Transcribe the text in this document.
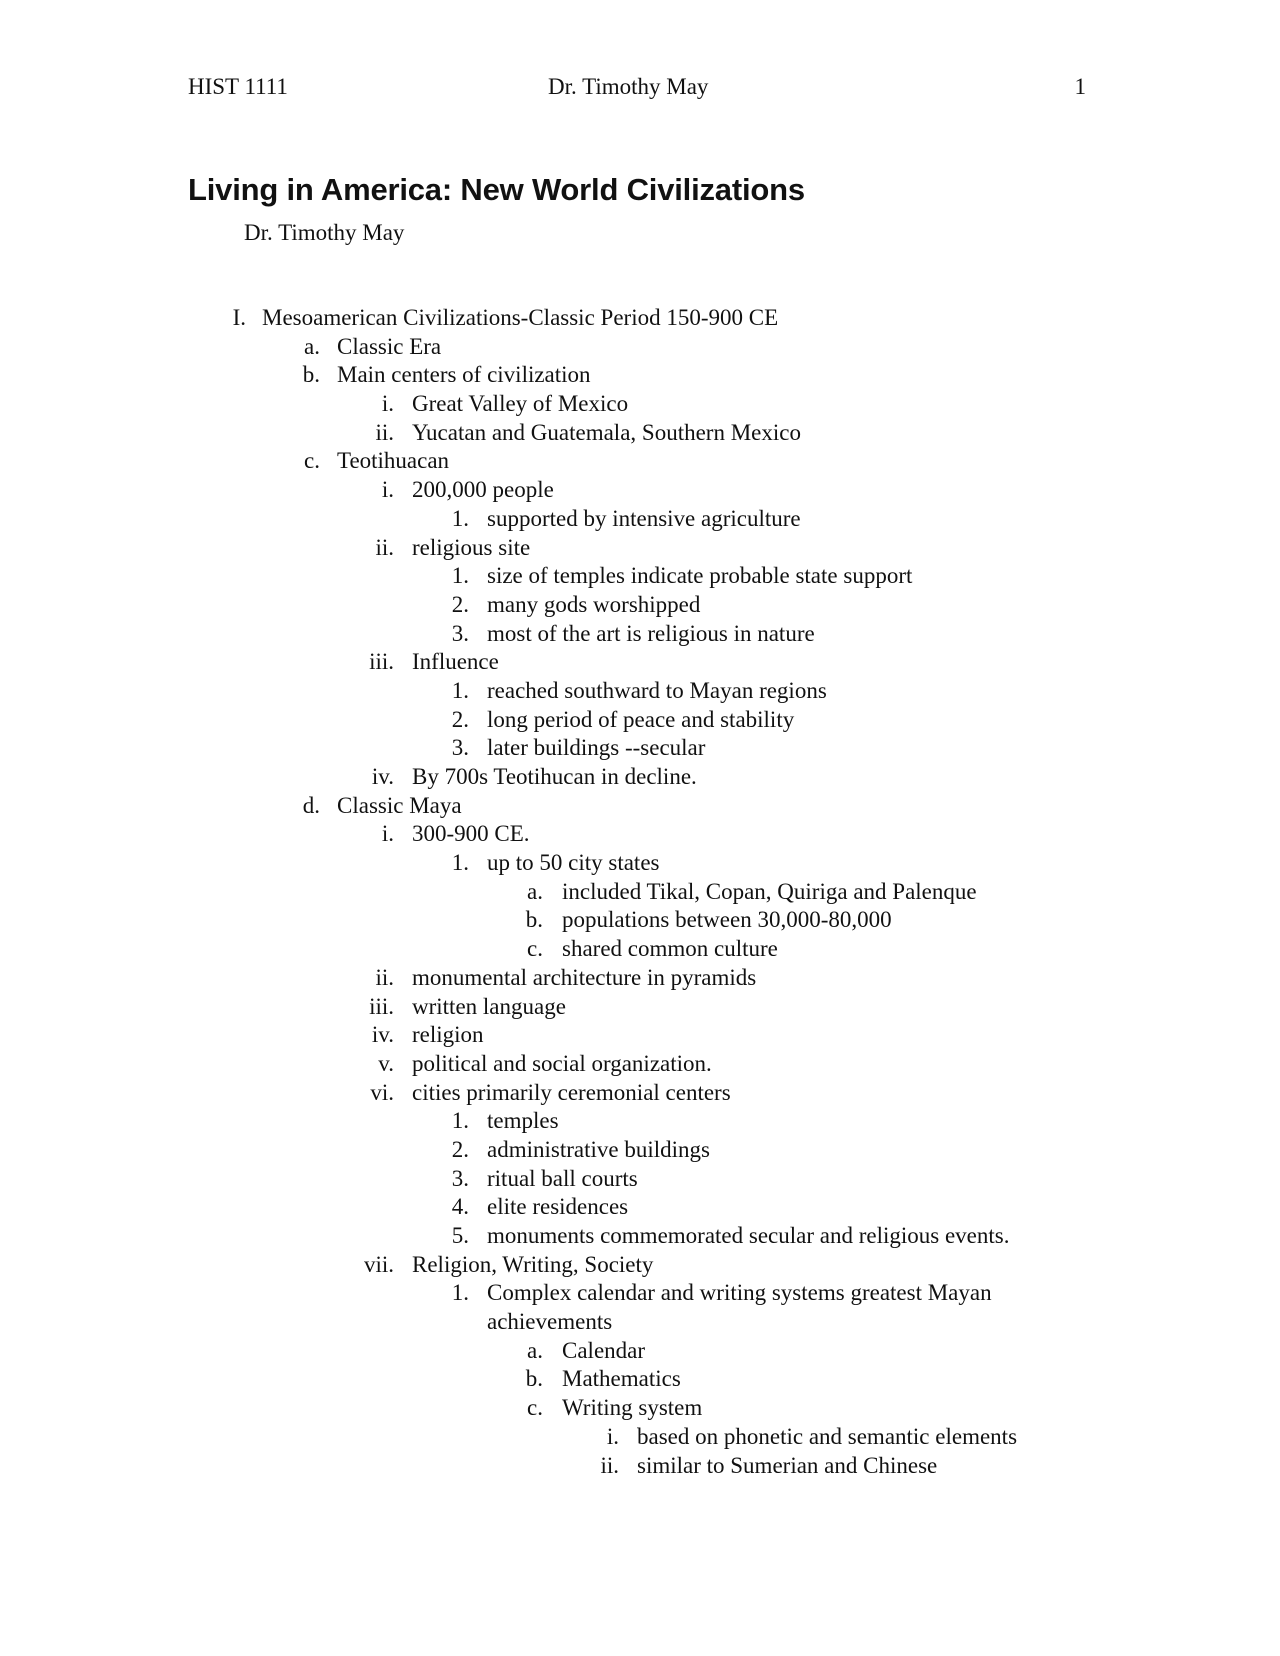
HIST 1111	Dr. Timothy May	1
Living in America: New World Civilizations
Dr. Timothy May
I. Mesoamerican Civilizations-Classic Period 150-900 CE
a. Classic Era
b. Main centers of civilization
i. Great Valley of Mexico
ii. Yucatan and Guatemala, Southern Mexico
c. Teotihuacan
i. 200,000 people
1. supported by intensive agriculture
ii. religious site
1. size of temples indicate probable state support
2. many gods worshipped
3. most of the art is religious in nature
iii. Influence
1. reached southward to Mayan regions
2. long period of peace and stability
3. later buildings --secular
iv. By 700s Teotihucan in decline.
d. Classic Maya
i. 300-900 CE.
1. up to 50 city states
a. included Tikal, Copan, Quiriga and Palenque
b. populations between 30,000-80,000
c. shared common culture
ii. monumental architecture in pyramids
iii. written language
iv. religion
v. political and social organization.
vi. cities primarily ceremonial centers
1. temples
2. administrative buildings
3. ritual ball courts
4. elite residences
5. monuments commemorated secular and religious events.
vii. Religion, Writing, Society
1. Complex calendar and writing systems greatest Mayan
achievements
a. Calendar
b. Mathematics
c. Writing system
i. based on phonetic and semantic elements
ii. similar to Sumerian and Chinese
